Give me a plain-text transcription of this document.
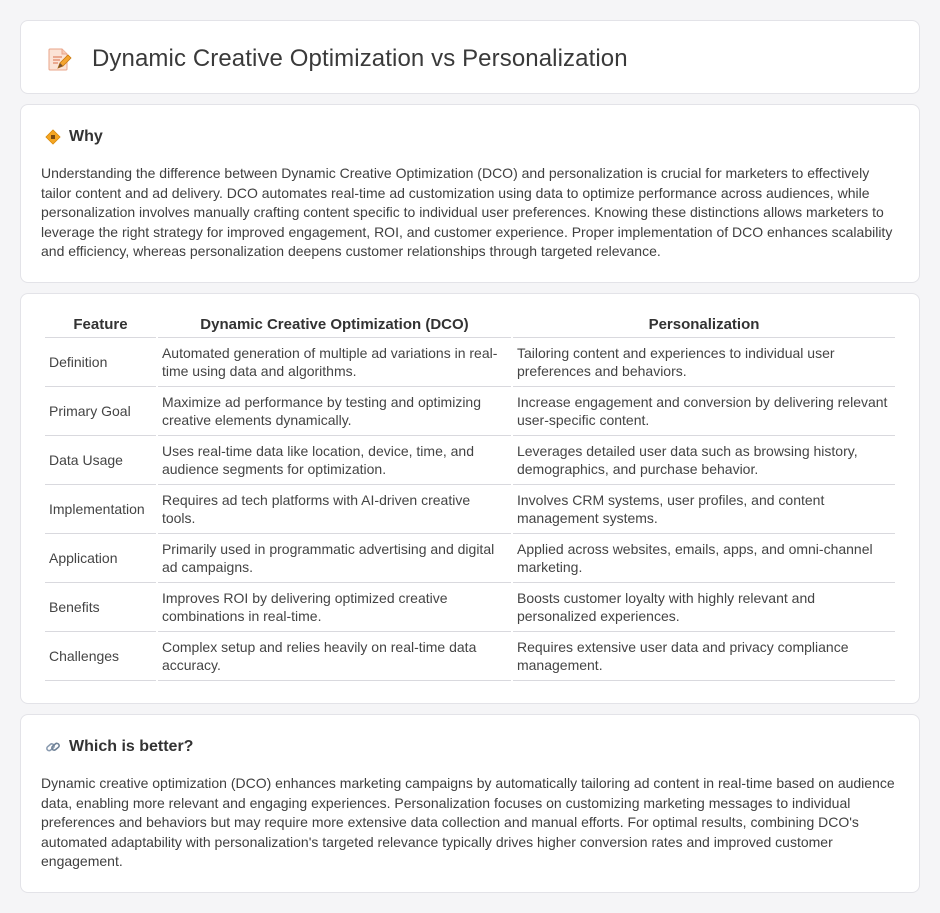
Dynamic Creative Optimization vs Personalization
Why

Understanding the difference between Dynamic Creative Optimization (DCO) and personalization is crucial for marketers to effectively tailor content and ad delivery. DCO automates real-time ad customization using data to optimize performance across audiences, while personalization involves manually crafting content specific to individual user preferences. Knowing these distinctions allows marketers to leverage the right strategy for improved engagement, ROI, and customer experience. Proper implementation of DCO enhances scalability and efficiency, whereas personalization deepens customer relationships through targeted relevance.

Feature	Dynamic Creative Optimization (DCO)	Personalization
Definition	Automated generation of multiple ad variations in real-time using data and algorithms.	Tailoring content and experiences to individual user preferences and behaviors.
Primary Goal	Maximize ad performance by testing and optimizing creative elements dynamically.	Increase engagement and conversion by delivering relevant user-specific content.
Data Usage	Uses real-time data like location, device, time, and audience segments for optimization.	Leverages detailed user data such as browsing history, demographics, and purchase behavior.
Implementation	Requires ad tech platforms with AI-driven creative tools.	Involves CRM systems, user profiles, and content management systems.
Application	Primarily used in programmatic advertising and digital ad campaigns.	Applied across websites, emails, apps, and omni-channel marketing.
Benefits	Improves ROI by delivering optimized creative combinations in real-time.	Boosts customer loyalty with highly relevant and personalized experiences.
Challenges	Complex setup and relies heavily on real-time data accuracy.	Requires extensive user data and privacy compliance management.
Which is better?

Dynamic creative optimization (DCO) enhances marketing campaigns by automatically tailoring ad content in real-time based on audience data, enabling more relevant and engaging experiences. Personalization focuses on customizing marketing messages to individual preferences and behaviors but may require more extensive data collection and manual efforts. For optimal results, combining DCO's automated adaptability with personalization's targeted relevance typically drives higher conversion rates and improved customer engagement.
